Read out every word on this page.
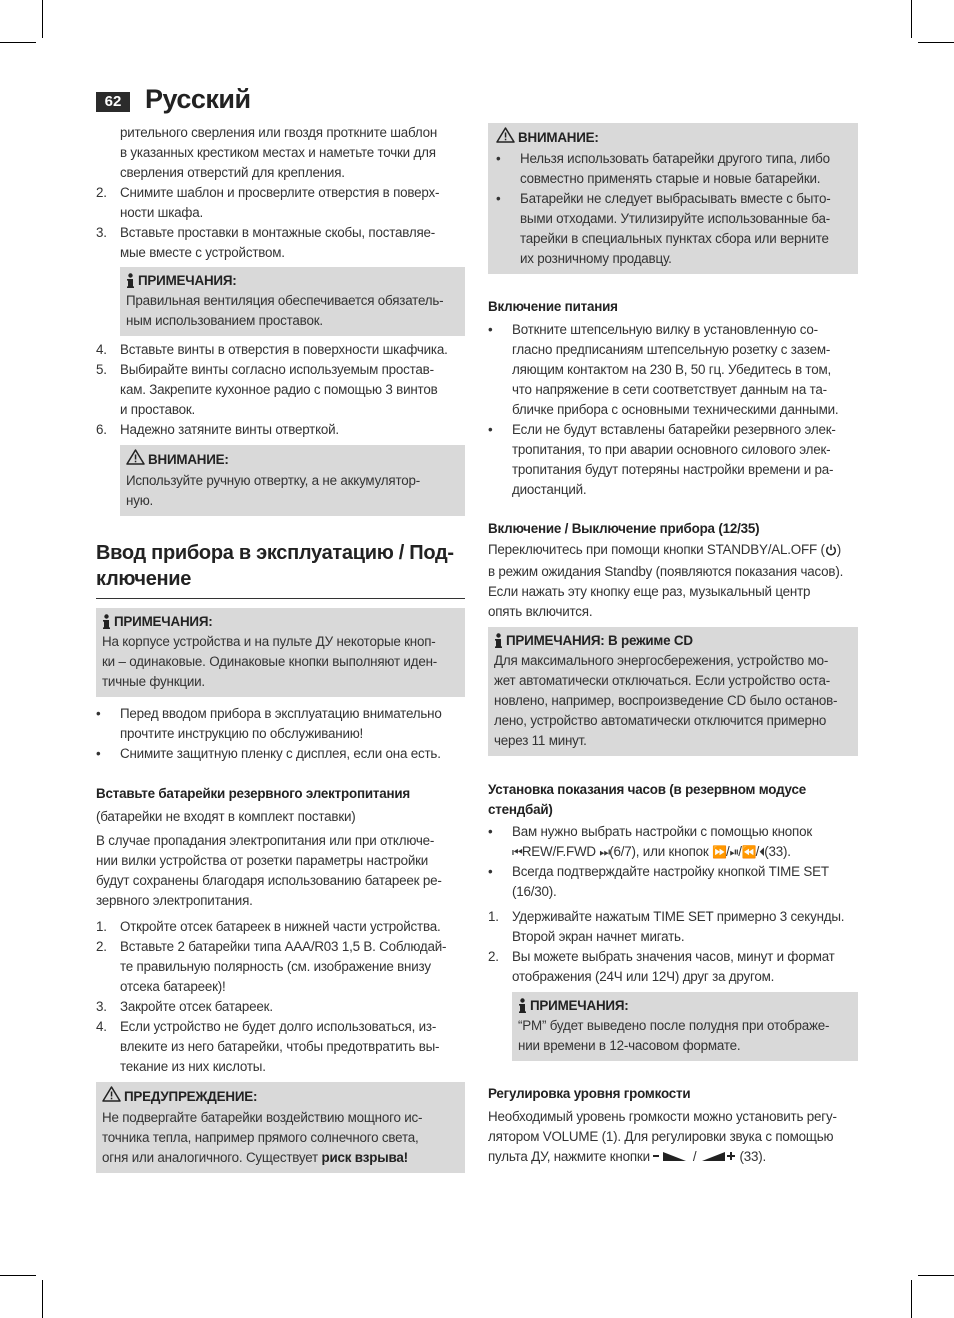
62 Русский
рительного сверления или гвоздя проткните шаблон
в указанных крестиком местах и наметьте точки для
сверления отверстий для крепления.
2. Снимите шаблон и просверлите отверстия в поверх-
ности шкафа.
3. Вставьте проставки в монтажные скобы, поставляе-
мые вместе с устройством.
ПРИМЕЧАНИЯ:
Правильная вентиляция обеспечивается обязатель-
ным использованием проставок.
4. Вставьте винты в отверстия в поверхности шкафчика.
5. Выбирайте винты согласно используемым простав-
кам. Закрепите кухонное радио с помощью 3 винтов
и проставок.
6. Надежно затяните винты отверткой.
ВНИМАНИЕ:
Используйте ручную отвертку, а не аккумулятор-
ную.
Ввод прибора в эксплуатацию / Под-
ключение
ПРИМЕЧАНИЯ:
На корпусе устройства и на пульте ДУ некоторые кноп-
ки – одинаковые. Одинаковые кнопки выполняют иден-
тичные функции.
• Перед вводом прибора в эксплуатацию внимательно
прочтите инструкцию по обслуживанию!
• Снимите защитную пленку с дисплея, если она есть.
Вставьте батарейки резервного электропитания
(батарейки не входят в комплект поставки)
В случае пропадания электропитания или при отключе-
нии вилки устройства от розетки параметры настройки
будут сохранены благодаря использованию батареек ре-
зервного электропитания.
1. Откройте отсек батареек в нижней части устройства.
2. Вставьте 2 батарейки типа AAA/R03 1,5 В. Соблюдай-
те правильную полярность (см. изображение внизу
отсека батареек)!
3. Закройте отсек батареек.
4. Если устройство не будет долго использоваться, из-
влеките из него батарейки, чтобы предотвратить вы-
текание из них кислоты.
ПРЕДУПРЕЖДЕНИЕ:
Не подвергайте батарейки воздействию мощного ис-
точника тепла, например прямого солнечного света,
огня или аналогичного. Существует риск взрыва!
ВНИМАНИЕ:
• Нельзя использовать батарейки другого типа, либо
совместно применять старые и новые батарейки.
• Батарейки не следует выбрасывать вместе с быто-
выми отходами. Утилизируйте использованные ба-
тарейки в специальных пунктах сбора или верните
их розничному продавцу.
Включение питания
• Воткните штепсельную вилку в установленную со-
гласно предписаниям штепсельную розетку с зазем-
ляющим контактом на 230 В, 50 гц. Убедитесь в том,
что напряжение в сети соответствует данным на та-
бличке прибора с основными техническими данными.
• Если не будут вставлены батарейки резервного элек-
тропитания, то при аварии основного силового элек-
тропитания будут потеряны настройки времени и ра-
диостанций.
Включение / Выключение прибора (12/35)
Переключитесь при помощи кнопки STANDBY/AL.OFF ( )
в режим ожидания Standby (появляются показания часов).
Если нажать эту кнопку еще раз, музыкальный центр
опять включится.
ПРИМЕЧАНИЯ: В режиме CD
Для максимального энергосбережения, устройство мо-
жет автоматически отключаться. Если устройство оста-
новлено, например, воспроизведение CD было останов-
лено, устройство автоматически отключится примерно
через 11 минут.
Установка показания часов (в резервном модусе
стендбай)
• Вам нужно выбрать настройки с помощью кнопок
⏮REW/F.FWD ⏭(6/7), или кнопок ⏩/⏯/⏪/⏴(33).
• Всегда подтверждайте настройку кнопкой TIME SET
(16/30).
1. Удерживайте нажатым TIME SET примерно 3 секунды.
Второй экран начнет мигать.
2. Вы можете выбрать значения часов, минут и формат
отображения (24Ч или 12Ч) друг за другом.
ПРИМЕЧАНИЯ:
“PM” будет выведено после полудня при отображе-
нии времени в 12-часовом формате.
Регулировка уровня громкости
Необходимый уровень громкости можно установить регу-
лятором VOLUME (1). Для регулировки звука с помощью
пульта ДУ, нажмите кнопки	/	(33).
